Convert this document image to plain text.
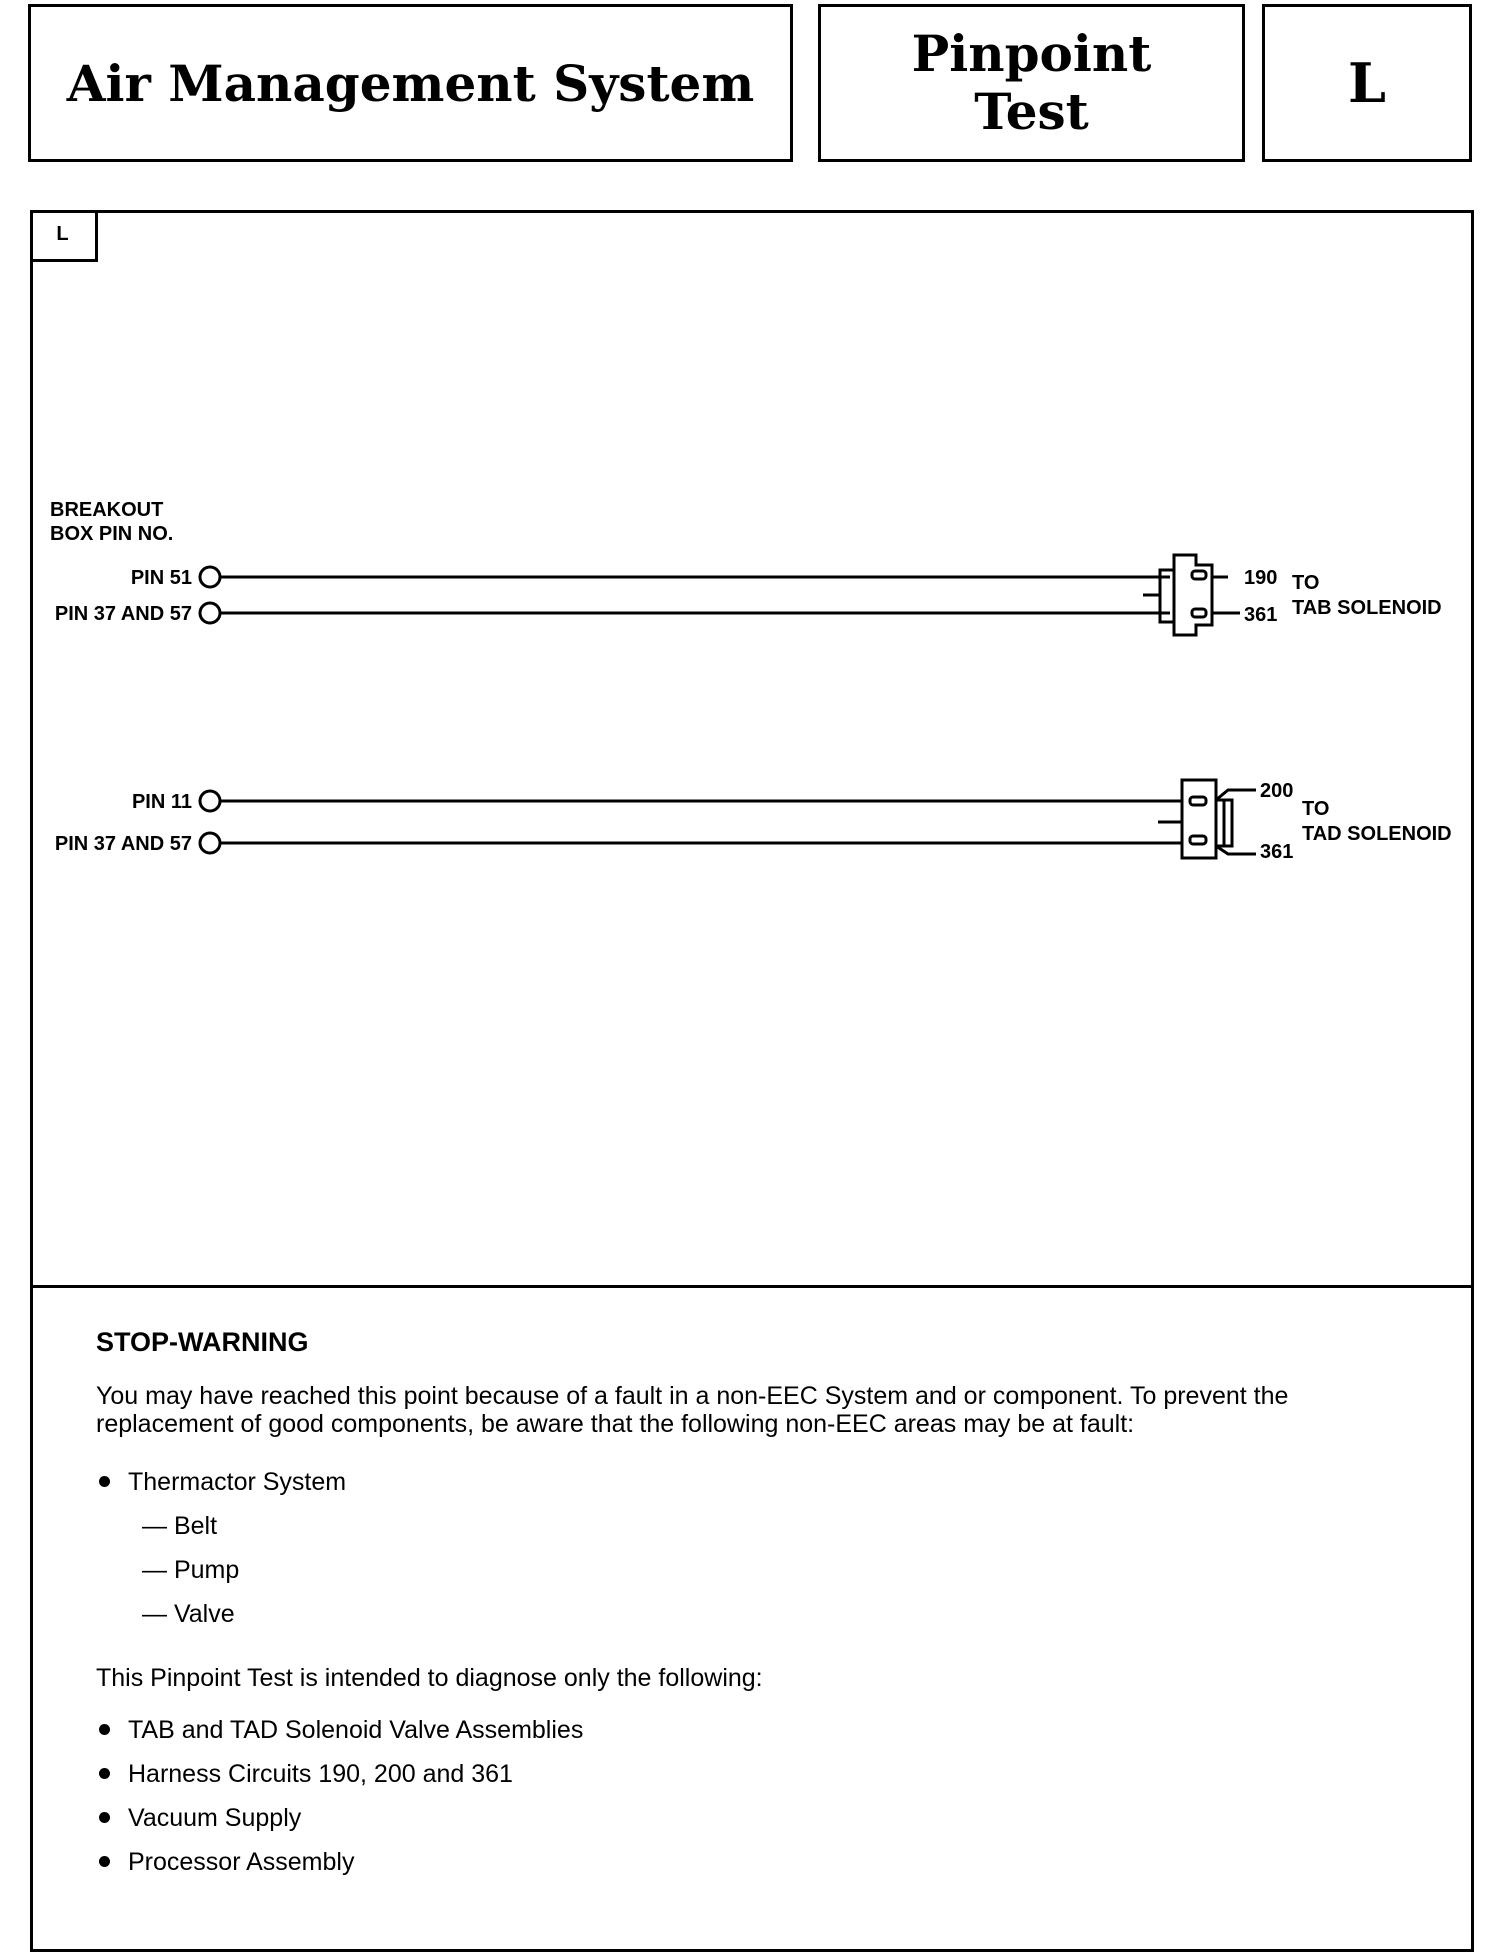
Air Management System	Pinpoint
Test	L
L
BREAKOUT
BOX PIN NO.
PIN 51
PIN 37 AND 57
190
361
TO
TAB SOLENOID
PIN 11
PIN 37 AND 57
200
361
TO
TAD SOLENOID
STOP-WARNING

You may have reached this point because of a fault in a non-EEC System and or component. To prevent the replacement of good components, be aware that the following non-EEC areas may be at fault:

Thermactor System
— Belt
— Pump
— Valve
This Pinpoint Test is intended to diagnose only the following:
TAB and TAD Solenoid Valve Assemblies
Harness Circuits 190, 200 and 361
Vacuum Supply
Processor Assembly
